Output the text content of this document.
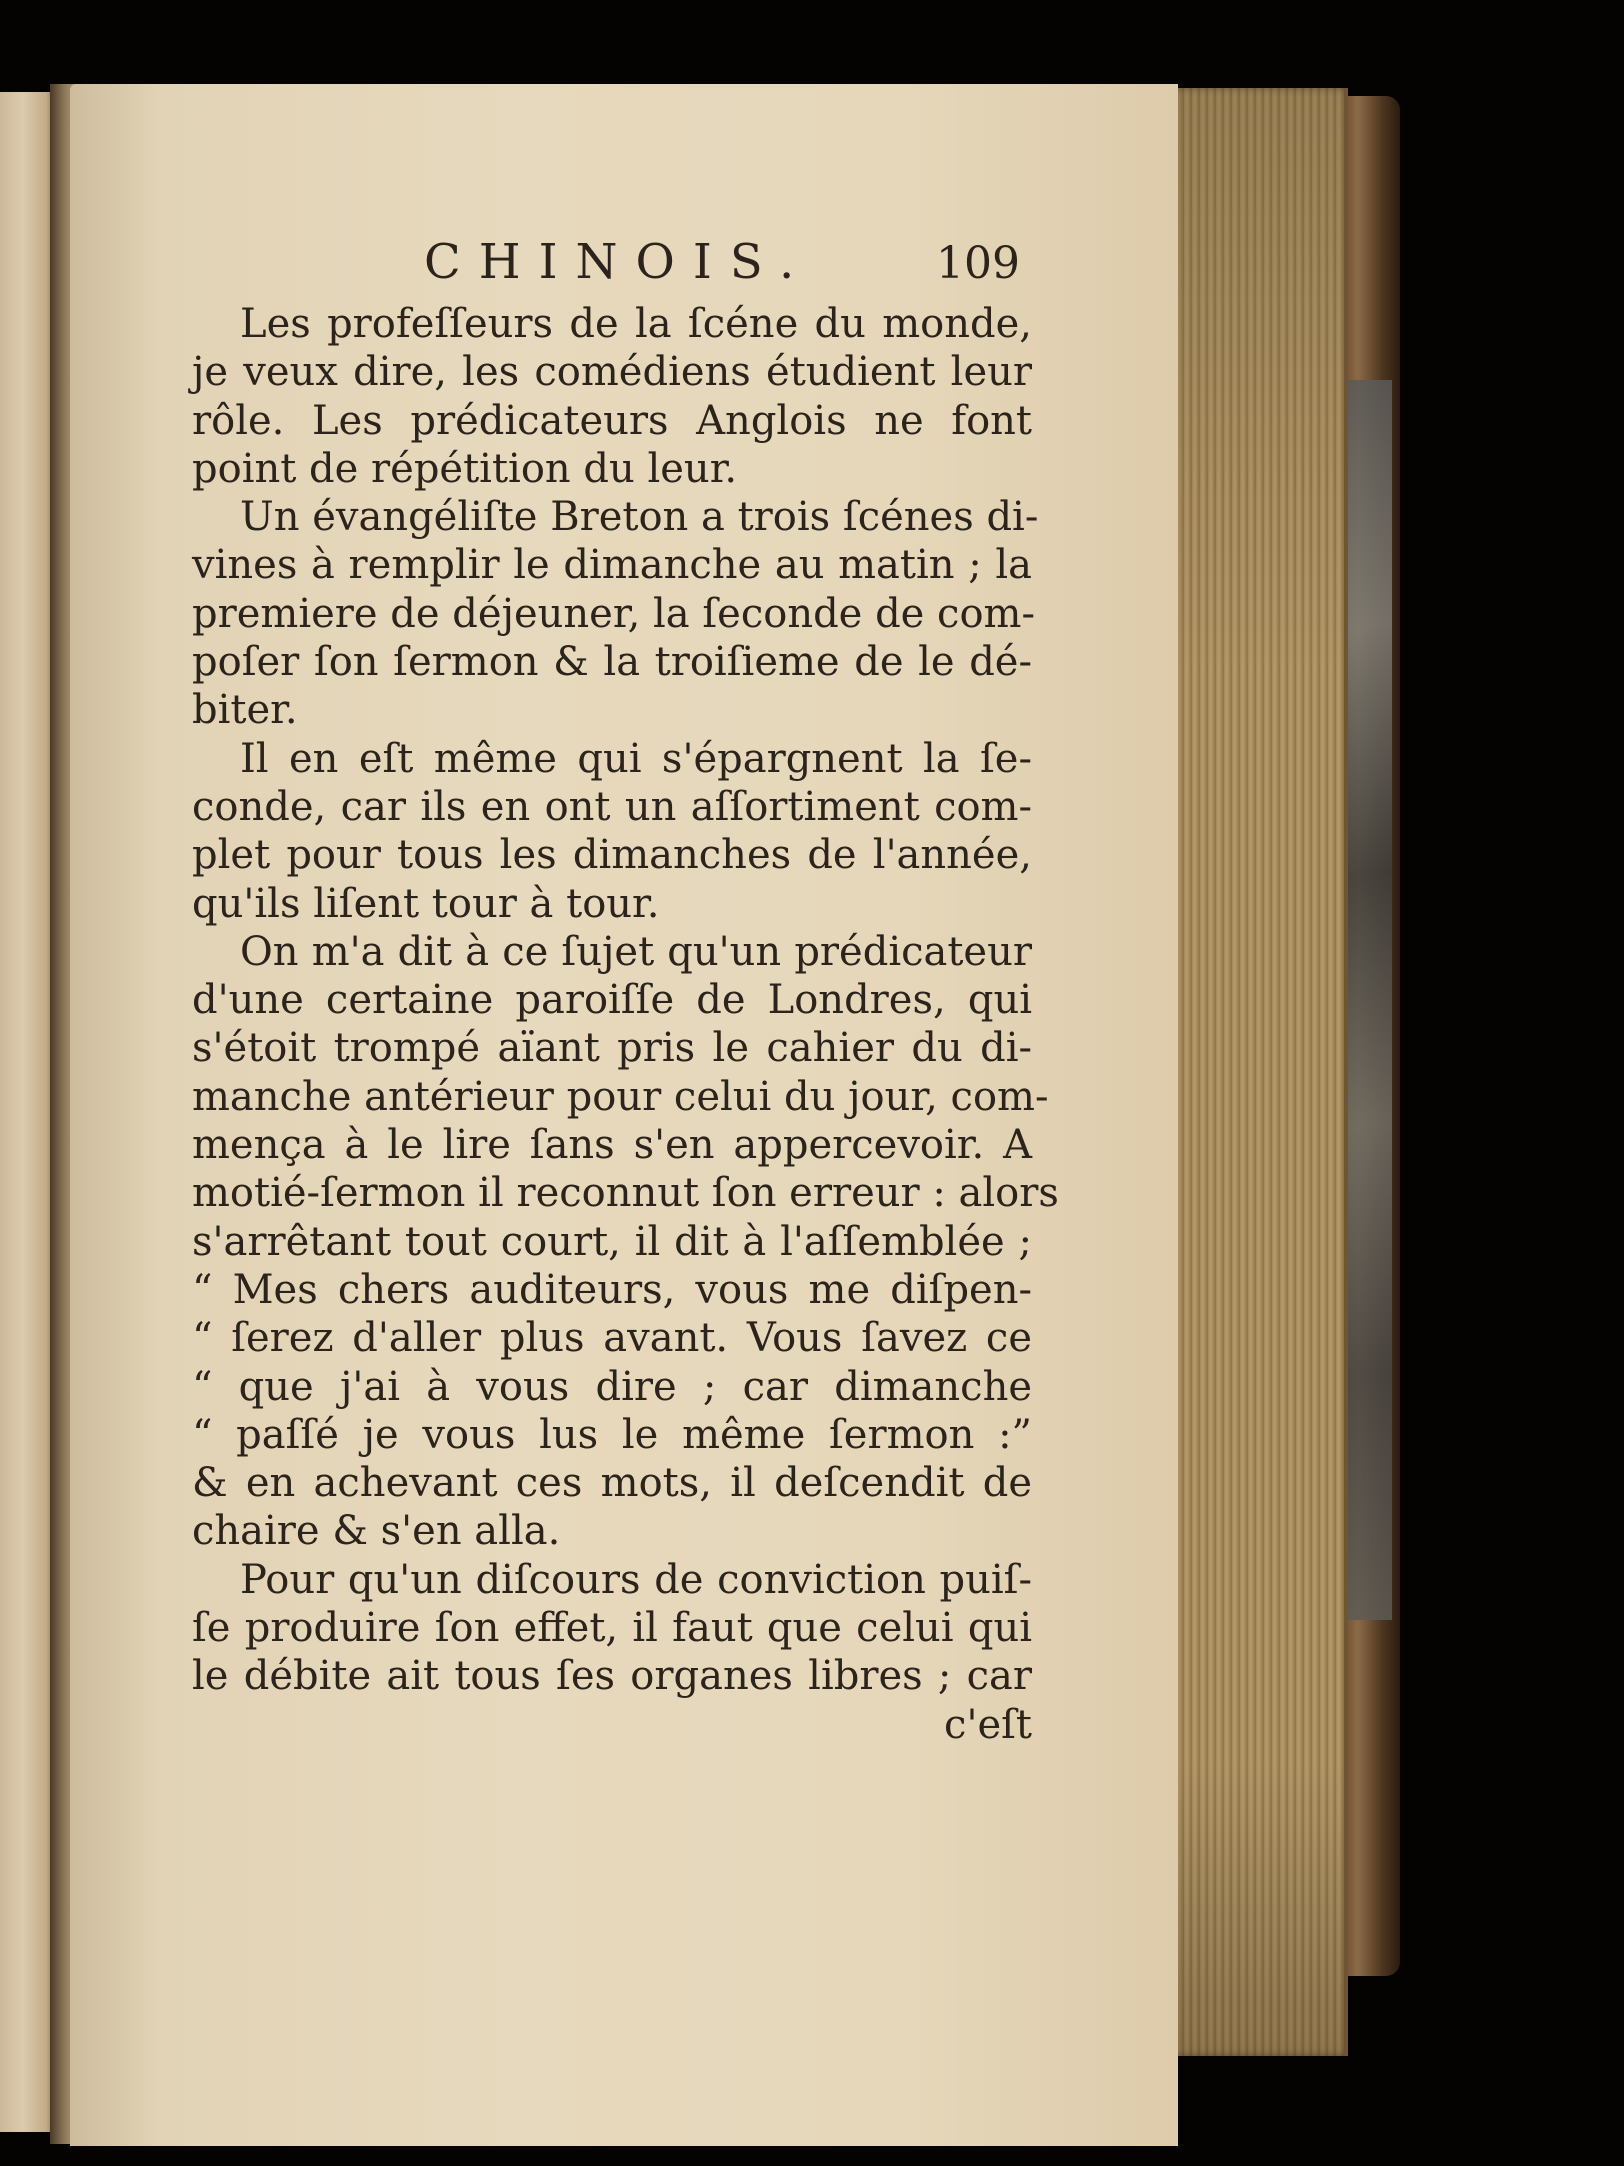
CHINOIS.	109
Les profeſſeurs de la ſcéne du monde,
je veux dire, les comédiens étudient leur
rôle. Les prédicateurs Anglois ne font
point de répétition du leur.
Un évangéliſte Breton a trois ſcénes di-
vines à remplir le dimanche au matin ; la
premiere de déjeuner, la ſeconde de com-
poſer ſon ſermon & la troiſieme de le dé-
biter.
Il en eſt même qui s'épargnent la ſe-
conde, car ils en ont un aſſortiment com-
plet pour tous les dimanches de l'année,
qu'ils liſent tour à tour.
On m'a dit à ce ſujet qu'un prédicateur
d'une certaine paroiſſe de Londres, qui
s'étoit trompé aïant pris le cahier du di-
manche antérieur pour celui du jour, com-
mença à le lire ſans s'en appercevoir. A
motié-ſermon il reconnut ſon erreur : alors
s'arrêtant tout court, il dit à l'aſſemblée ;
“ Mes chers auditeurs, vous me diſpen-
“ ſerez d'aller plus avant. Vous ſavez ce
“ que j'ai à vous dire ; car dimanche
“ paſſé je vous lus le même ſermon :”
& en achevant ces mots, il deſcendit de
chaire & s'en alla.
Pour qu'un diſcours de conviction puiſ-
ſe produire ſon effet, il faut que celui qui
le débite ait tous ſes organes libres ; car
c'eſt
